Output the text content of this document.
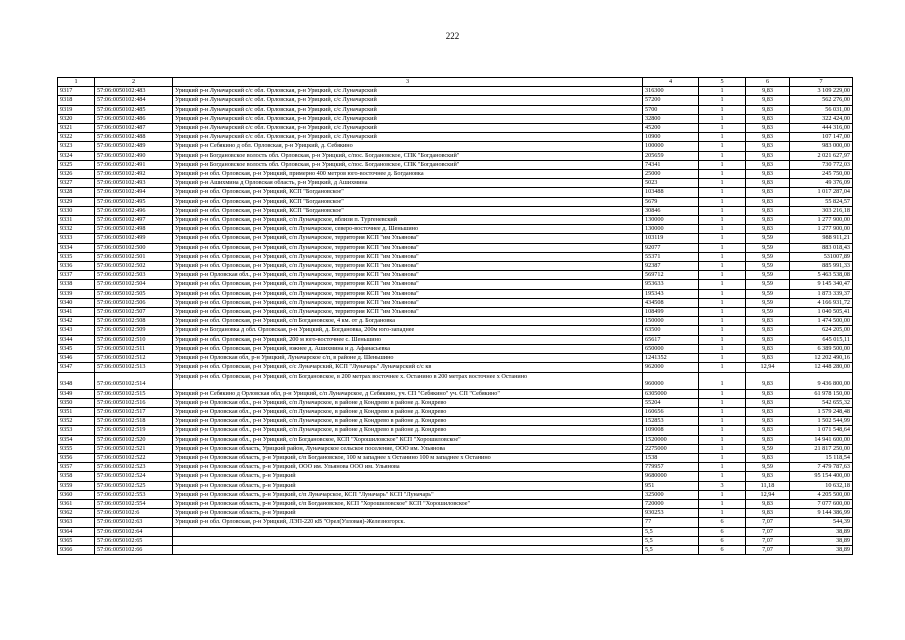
222
1	2	3	4	5	6	7
9317	57:06:0050102:483	Урицкий р-н Луначарский с/с обл. Орловская, р-н Урицкий, с/с Луначарский	316300	1	9,83	3 109 229,00
9318	57:06:0050102:484	Урицкий р-н Луначарский с/с обл. Орловская, р-н Урицкий, с/с Луначарский	57200	1	9,83	562 276,00
9319	57:06:0050102:485	Урицкий р-н Луначарский с/с обл. Орловская, р-н Урицкий, с/с Луначарский	5700	1	9,83	56 031,00
9320	57:06:0050102:486	Урицкий р-н Луначарский с/с обл. Орловская, р-н Урицкий, с/с Луначарский	32800	1	9,83	322 424,00
9321	57:06:0050102:487	Урицкий р-н Луначарский с/с обл. Орловская, р-н Урицкий, с/с Луначарский	45200	1	9,83	444 316,00
9322	57:06:0050102:488	Урицкий р-н Луначарский с/с обл. Орловская, р-н Урицкий, с/с Луначарский	10900	1	9,83	107 147,00
9323	57:06:0050102:489	Урицкий р-н Себякино д обл. Орловская, р-н Урицкий, д. Себякино	100000	1	9,83	983 000,00
9324	57:06:0050102:490	Урицкий р-н Богдановское волость обл. Орловская, р-н Урицкий, с/пос. Богдановское, СПК "Богдановский"	205659	1	9,83	2 021 627,97
9325	57:06:0050102:491	Урицкий р-н Богдановское волость обл. Орловская, р-н Урицкий, с/пос. Богдановское, СПК "Богдановский"	74341	1	9,83	730 772,03
9326	57:06:0050102:492	Урицкий р-н обл. Орловская, р-н Урицкий, примерно 400 метров юго-восточнее д. Богдановка	25000	1	9,83	245 750,00
9327	57:06:0050102:493	Урицкий р-н Ашихмина д Орловская область, р-н Урицкий, д Ашихмина	5023	1	9,83	49 376,09
9328	57:06:0050102:494	Урицкий р-н обл. Орловская, р-н Урицкий, КСП "Богдановское"	103488	1	9,83	1 017 287,04
9329	57:06:0050102:495	Урицкий р-н обл. Орловская, р-н Урицкий, КСП "Богдановское"	5679	1	9,83	55 824,57
9330	57:06:0050102:496	Урицкий р-н обл. Орловская, р-н Урицкий, КСП "Богдановское"	30846	1	9,83	303 216,18
9331	57:06:0050102:497	Урицкий р-н обл. Орловская, р-н Урицкий, с/п Луначарское, вблизи п. Тургеневский	130000	1	9,83	1 277 900,00
9332	57:06:0050102:498	Урицкий р-н обл. Орловская, р-н Урицкий, с/п Луначарское, северо-восточнее д. Шеньшино	130000	1	9,83	1 277 900,00
9333	57:06:0050102:499	Урицкий р-н обл. Орловская, р-н Урицкий, с/п Луначарское, территория КСП "им Ульянова"	103119	1	9,59	988 911,21
9334	57:06:0050102:500	Урицкий р-н обл. Орловская, р-н Урицкий, с/п Луначарское, территория КСП "им Ульянова"	92077	1	9,59	883 018,43
9335	57:06:0050102:501	Урицкий р-н обл. Орловская, р-н Урицкий, с/п Луначарское, территория КСП "им Ульянова"	55371	1	9,59	531007,89
9336	57:06:0050102:502	Урицкий р-н обл. Орловская, р-н Урицкий, с/п Луначарское, территория КСП "им Ульянова"	92387	1	9,59	885 991,33
9337	57:06:0050102:503	Урицкий р-н Орловская обл., р-н Урицкий, с/п Луначарское, территория КСП "им Ульянова"	569712	1	9,59	5 463 538,08
9338	57:06:0050102:504	Урицкий р-н обл. Орловская, р-н Урицкий, с/п Луначарское, территория КСП "им Ульянова"	953633	1	9,59	9 145 340,47
9339	57:06:0050102:505	Урицкий р-н обл. Орловская, р-н Урицкий, с/п Луначарское, территория КСП "им Ульянова"	195343	1	9,59	1 873 339,37
9340	57:06:0050102:506	Урицкий р-н обл. Орловская, р-н Урицкий, с/п Луначарское, территория КСП "им Ульянова"	434508	1	9,59	4 166 931,72
9341	57:06:0050102:507	Урицкий р-н обл. Орловская, р-н Урицкий, с/п Луначарское, территория КСП "им Ульянова"	108499	1	9,59	1 040 505,41
9342	57:06:0050102:508	Урицкий р-н обл. Орловская, р-н Урицкий, с/п Богдановское, 4 км. от д. Богдановка	150000	1	9,83	1 474 500,00
9343	57:06:0050102:509	Урицкий р-н Богдановка д обл. Орловская, р-н Урицкий, д. Богдановка, 200м юго-западнее	63500	1	9,83	624 205,00
9344	57:06:0050102:510	Урицкий р-н обл. Орловская, р-н Урицкий, 200 м юго-восточнее с. Шеньшино	65617	1	9,83	645 015,11
9345	57:06:0050102:511	Урицкий р-н обл. Орловская, р-н Урицкий, южнее д. Ашихмина и д. Афанасьевка	650000	1	9,83	6 389 500,00
9346	57:06:0050102:512	Урицкий р-н Орловская обл, р-н Урицкий, Луначарское с/п, в районе д. Шеньшино	1241352	1	9,83	12 202 490,16
9347	57:06:0050102:513	Урицкий р-н обл. Орловская, р-н Урицкий, с/с Луначарский, КСП "Луначарь" Луначарский с/с кв	962000	1	12,94	12 448 280,00
9348	57:06:0050102:514	Урицкий р-н обл. Орловская, р-н Урицкий, с/п Богдановское, в 200 метрах восточнее х. Останино в 200 метрах восточнее х Останино	960000	1	9,83	9 436 800,00
9349	57:06:0050102:515	Урицкий р-н Себякино д Орловская обл, р-н Урицкий, с/п Луначарское, д Себякино, уч. СП "Себякино" уч. СП "Себякино"	6305000	1	9,83	61 978 150,00
9350	57:06:0050102:516	Урицкий р-н Орловская обл., р-н Урицкий, с/п Луначарское, в районе д Кондрево в районе д. Кондрево	55204	1	9,83	542 655,32
9351	57:06:0050102:517	Урицкий р-н Орловская обл., р-н Урицкий, с/п Луначарское, в районе д Кондрево в районе д. Кондрево	160656	1	9,83	1 579 248,48
9352	57:06:0050102:518	Урицкий р-н Орловская обл., р-н Урицкий, с/п Луначарское, в районе д Кондрево в районе д. Кондрево	152853	1	9,83	1 502 544,99
9353	57:06:0050102:519	Урицкий р-н Орловская обл., р-н Урицкий, с/п Луначарское, в районе д Кондрево в районе д. Кондрево	109008	1	9,83	1 071 548,64
9354	57:06:0050102:520	Урицкий р-н Орловская обл., р-н Урицкий, с/п Богдановское, КСП "Хорошиловское" КСП "Хорошиловское"	1520000	1	9,83	14 941 600,00
9355	57:06:0050102:521	Урицкий р-н Орловская область, Урицкий район, Луначарское сельское поселение, ООО им. Ульянова	2275000	1	9,59	21 817 250,00
9356	57:06:0050102:522	Урицкий р-н Орловская область, р-н Урицкий, с/п Богдановское, 100 м западнее х Останино 100 м западнее х Останино	1538	1	9,83	15 118,54
9357	57:06:0050102:523	Урицкий р-н Орловская область, р-н Урицкий, ООО им. Ульянова ООО им. Ульянова	779957	1	9,59	7 479 787,63
9358	57:06:0050102:524	Урицкий р-н Орловская область, р-н Урицкий	9680000	1	9,83	95 154 400,00
9359	57:06:0050102:525	Урицкий р-н Орловская область, р-н Урицкий	951	3	11,18	10 632,18
9360	57:06:0050102:553	Урицкий р-н Орловская область, р-н Урицкий, с/п Луначарское, КСП "Луначарь" КСП "Луначарь"	325000	1	12,94	4 205 500,00
9361	57:06:0050102:554	Урицкий р-н Орловская область, р-н Урицкий, с/п Богдановское, КСП "Хорошиловское" КСП "Хорошиловское"	720000	1	9,83	7 077 600,00
9362	57:06:0050102:6	Урицкий р-н Орловская область, р-н Урицкий	930253	1	9,83	9 144 386,99
9363	57:06:0050102:63	Урицкий р-н обл. Орловская, р-н Урицкий, ЛЭП-220 кВ "Орел(Узловая)-Железногорск.	77	6	7,07	544,39
9364	57:06:0050102:64		5,5	6	7,07	38,89
9365	57:06:0050102:65		5,5	6	7,07	38,89
9366	57:06:0050102:66		5,5	6	7,07	38,89
